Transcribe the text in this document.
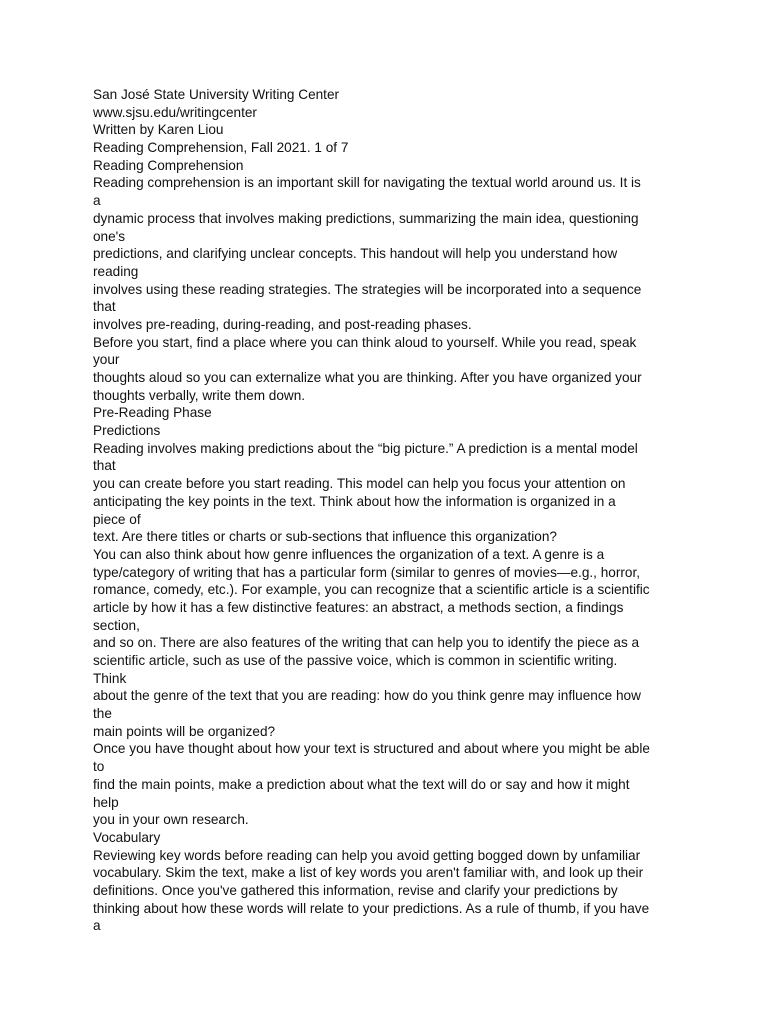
San José State University Writing Center
www.sjsu.edu/writingcenter
Written by Karen Liou
Reading Comprehension, Fall 2021. 1 of 7
Reading Comprehension
Reading comprehension is an important skill for navigating the textual world around us. It is
a
dynamic process that involves making predictions, summarizing the main idea, questioning
one's
predictions, and clarifying unclear concepts. This handout will help you understand how
reading
involves using these reading strategies. The strategies will be incorporated into a sequence
that
involves pre-reading, during-reading, and post-reading phases.
Before you start, find a place where you can think aloud to yourself. While you read, speak
your
thoughts aloud so you can externalize what you are thinking. After you have organized your
thoughts verbally, write them down.
Pre-Reading Phase
Predictions
Reading involves making predictions about the “big picture.” A prediction is a mental model
that
you can create before you start reading. This model can help you focus your attention on
anticipating the key points in the text. Think about how the information is organized in a
piece of
text. Are there titles or charts or sub-sections that influence this organization?
You can also think about how genre influences the organization of a text. A genre is a
type/category of writing that has a particular form (similar to genres of movies—e.g., horror,
romance, comedy, etc.). For example, you can recognize that a scientific article is a scientific
article by how it has a few distinctive features: an abstract, a methods section, a findings
section,
and so on. There are also features of the writing that can help you to identify the piece as a
scientific article, such as use of the passive voice, which is common in scientific writing.
Think
about the genre of the text that you are reading: how do you think genre may influence how
the
main points will be organized?
Once you have thought about how your text is structured and about where you might be able
to
find the main points, make a prediction about what the text will do or say and how it might
help
you in your own research.
Vocabulary
Reviewing key words before reading can help you avoid getting bogged down by unfamiliar
vocabulary. Skim the text, make a list of key words you aren't familiar with, and look up their
definitions. Once you've gathered this information, revise and clarify your predictions by
thinking about how these words will relate to your predictions. As a rule of thumb, if you have
a
